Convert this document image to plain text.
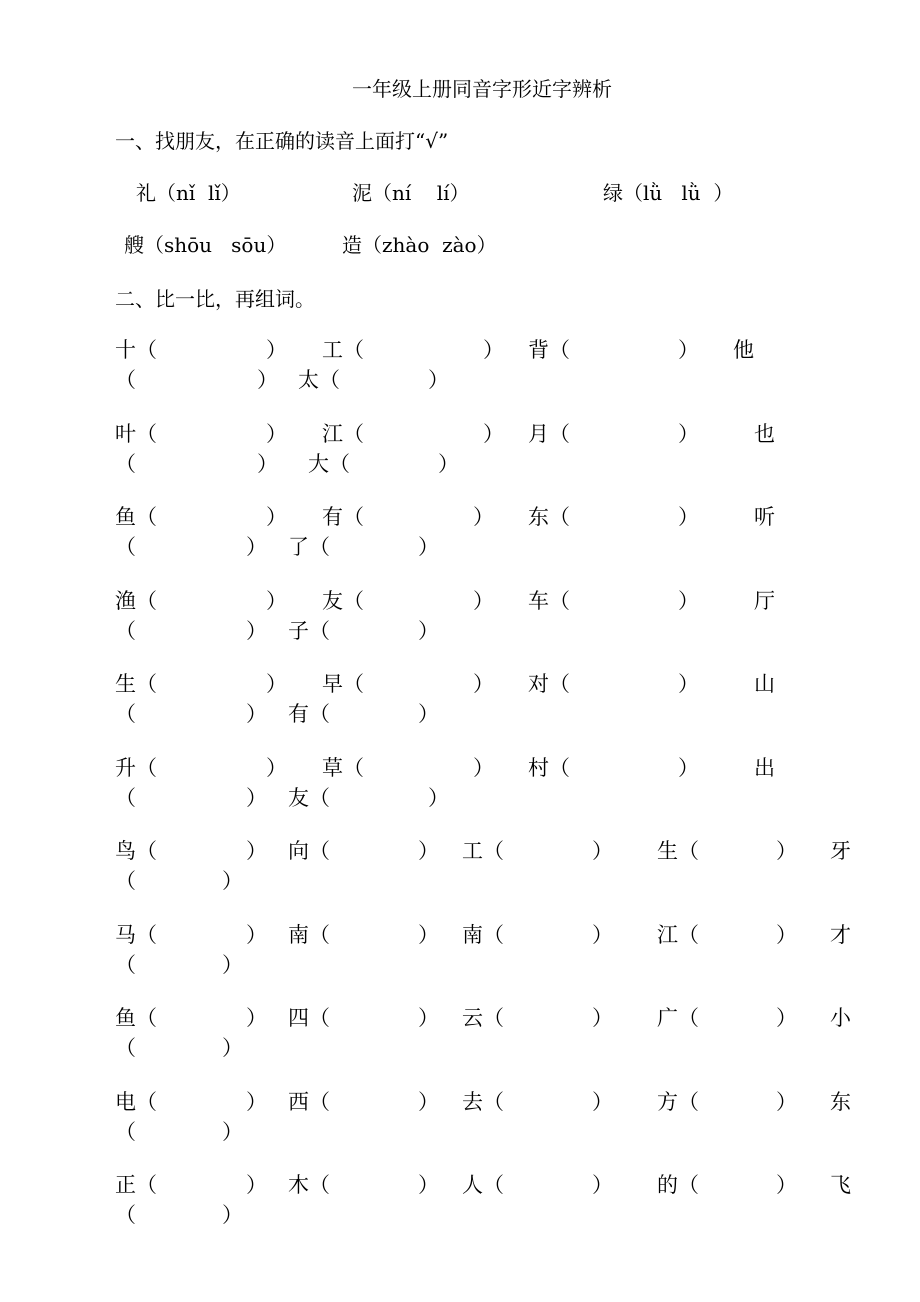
一年级上册同音字形近字辨析
一、找朋友，在正确的读音上面打“√”
礼（nǐ  lǐ）	泥（ní    lí）	绿（lǜ   lǜ  ）
艘（shōu   sōu）	造（zhào  zào）
二、比一比，再组词。
十（	） 工（	） 背（	） 他
（	） 太（	）
叶（	） 江（	） 月（	）	也
（	） 大（	）
鱼（	） 有（	） 东（	）	听
（	） 了（	）
渔（	） 友（	） 车（	）	厅
（	） 子（	）
生（	） 早（	） 对（	）	山
（	） 有（	）
升（	） 草（	） 村（	）	出
（	） 友（	）
鸟（	） 向（	） 工（	） 生（	） 牙
（	）
马（	） 南（	） 南（	） 江（	） 才
（	）
鱼（	） 四（	） 云（	） 广（	） 小
（	）
电（	） 西（	） 去（	） 方（	） 东
（	）
正（	） 木（	） 人（	） 的（	） 飞
（	）
